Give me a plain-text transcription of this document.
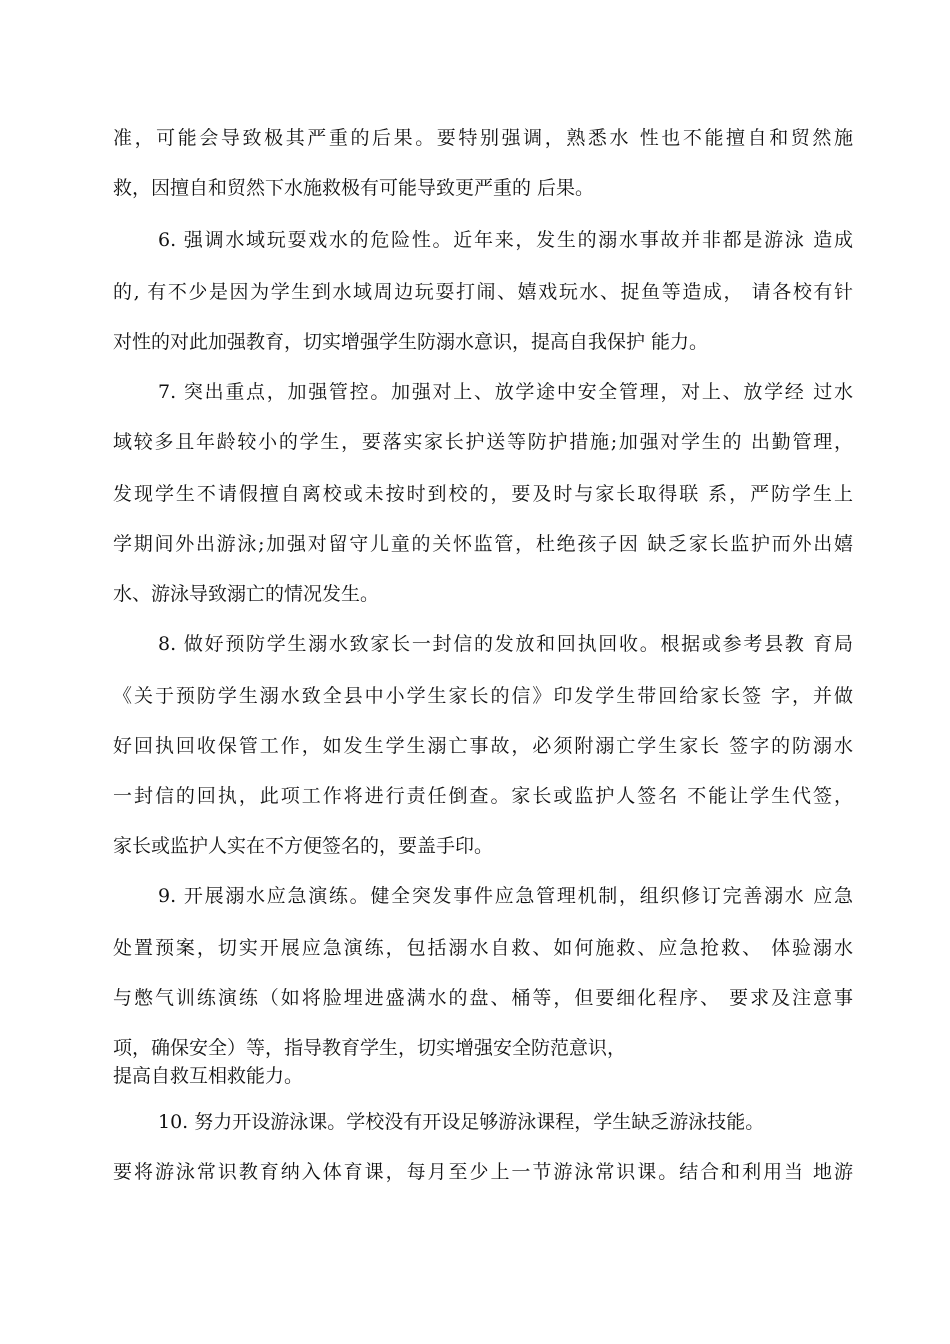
准，可能会导致极其严重的后果。要特别强调，熟悉水 性也不能擅自和贸然施
救，因擅自和贸然下水施救极有可能导致更严重的 后果。
6. 强调水域玩耍戏水的危险性。近年来，发生的溺水事故并非都是游泳 造成
的, 有不少是因为学生到水域周边玩耍打闹、嬉戏玩水、捉鱼等造成， 请各校有针
对性的对此加强教育，切实增强学生防溺水意识，提高自我保护 能力。
7. 突出重点，加强管控。加强对上、放学途中安全管理，对上、放学经 过水
域较多且年龄较小的学生，要落实家长护送等防护措施;加强对学生的 出勤管理，
发现学生不请假擅自离校或未按时到校的，要及时与家长取得联 系，严防学生上
学期间外出游泳;加强对留守儿童的关怀监管，杜绝孩子因 缺乏家长监护而外出嬉
水、游泳导致溺亡的情况发生。
8. 做好预防学生溺水致家长一封信的发放和回执回收。根据或参考县教 育局
《关于预防学生溺水致全县中小学生家长的信》印发学生带回给家长签 字，并做
好回执回收保管工作，如发生学生溺亡事故，必须附溺亡学生家长 签字的防溺水
一封信的回执，此项工作将进行责任倒查。家长或监护人签名 不能让学生代签，
家长或监护人实在不方便签名的，要盖手印。
9. 开展溺水应急演练。健全突发事件应急管理机制，组织修订完善溺水 应急
处置预案，切实开展应急演练，包括溺水自救、如何施救、应急抢救、 体验溺水
与憋气训练演练（如将脸埋进盛满水的盘、桶等，但要细化程序、 要求及注意事
项，确保安全）等，指导教育学生，切实增强安全防范意识，
提高自救互相救能力。
10. 努力开设游泳课。学校没有开设足够游泳课程，学生缺乏游泳技能。
要将游泳常识教育纳入体育课，每月至少上一节游泳常识课。结合和利用当 地游
